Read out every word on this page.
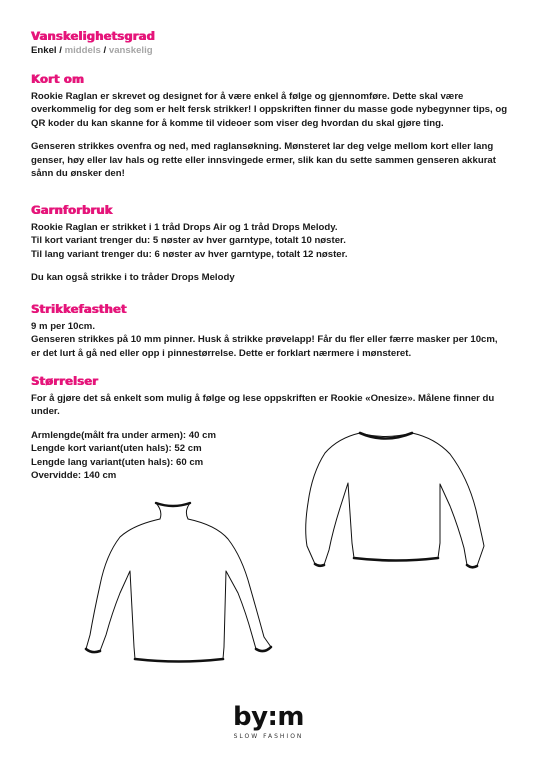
Vanskelighetsgrad
Enkel / middels / vanskelig
Kort om

Rookie Raglan er skrevet og designet for å være enkel å følge og gjennomføre. Dette skal være overkommelig for deg som er helt fersk strikker! I oppskriften finner du masse gode nybegynner tips, og QR koder du kan skanne for å komme til videoer som viser deg hvordan du skal gjøre ting.

Genseren strikkes ovenfra og ned, med raglansøkning. Mønsteret lar deg velge mellom kort eller lang genser, høy eller lav hals og rette eller innsvingede ermer, slik kan du sette sammen genseren akkurat sånn du ønsker den!

Garnforbruk

Rookie Raglan er strikket i 1 tråd Drops Air og 1 tråd Drops Melody.

Til kort variant trenger du: 5 nøster av hver garntype, totalt 10 nøster.

Til lang variant trenger du: 6 nøster av hver garntype, totalt 12 nøster.

Du kan også strikke i to tråder Drops Melody

Strikkefasthet

9 m per 10cm.

Genseren strikkes på 10 mm pinner. Husk å strikke prøvelapp! Får du fler eller færre masker per 10cm, er det lurt å gå ned eller opp i pinnestørrelse. Dette er forklart nærmere i mønsteret.

Størrelser

For å gjøre det så enkelt som mulig å følge og lese oppskriften er Rookie «Onesize». Målene finner du under.

Armlengde(målt fra under armen): 40 cm

Lengde kort variant(uten hals): 52 cm

Lengde lang variant(uten hals): 60 cm

Overvidde: 140 cm

by:m
SLOW FASHION
